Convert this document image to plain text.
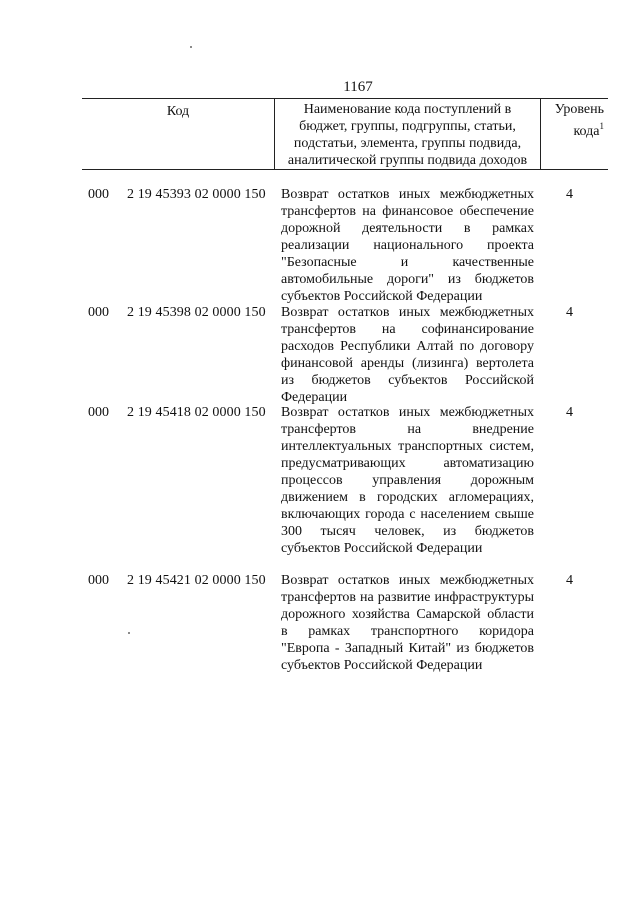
1167
Код	Наименование кода поступлений в бюджет, группы, подгруппы, статьи, подстатьи, элемента, группы подвида, аналитической группы подвида доходов
Уровень кода$^1$
000 2 19 45393 02 0000 150 Возврат остатков иных межбюджетных трансфертов на финансовое обеспечение дорожной деятельности в рамках реализации национального проекта "Безопасные и качественные автомобильные дороги" из бюджетов субъектов Российской Федерации
4
000 2 19 45398 02 0000 150 Возврат остатков иных межбюджетных трансфертов на софинансирование расходов Республики Алтай по договору финансовой аренды (лизинга) вертолета из бюджетов субъектов Российской Федерации
4
000 2 19 45418 02 0000 150 Возврат остатков иных межбюджетных трансфертов на внедрение интеллектуальных транспортных систем, предусматривающих автоматизацию процессов управления дорожным движением в городских агломерациях, включающих города с населением свыше 300 тысяч человек, из бюджетов субъектов Российской Федерации
4
000 2 19 45421 02 0000 150 Возврат остатков иных межбюджетных трансфертов на развитие инфраструктуры дорожного хозяйства Самарской области в рамках транспортного коридора "Европа - Западный Китай" из бюджетов субъектов Российской Федерации
4
